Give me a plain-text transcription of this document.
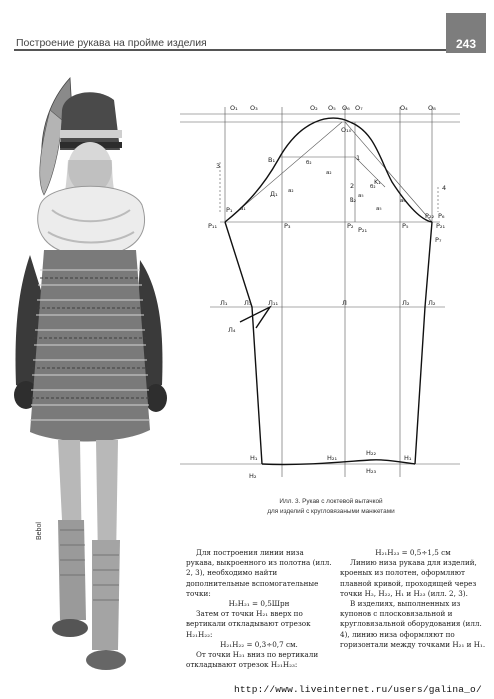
Построение рукава на пройме изделия	243
Bebol
a₁
a₂
a₅
a₆
a₂
a₅
б₂
б₂
O₁ O₃	O₂ O₅ O₆ O₇	O₄	O₈
O₁₀
3
4
1
2
B₁
Д₁
Ⲃ₂
K₁
P₁
P₁₁	P₃	P₂ P₂₁	P₅
P₂₂ P₆
P₂₁
P₇
Л₁	Л₃	Л₁₁
Л₄
Л	Л₂	Л₂
H₁
H₂
H₂₁
H₂₂
H₂₃
H₁
Илл. 3. Рукав с локтевой вытачкой
для изделий с кругловязаными манжетами

Для построения линии низа рукава, выкроенного из полотна (илл. 2, 3), необходимо найти дополнительные вспомогательные точки:

H₂H₂₁ = 0,5Шрн

Затем от точки H₂₁ вверх по вертикали откладывают отрезок H₂₁H₂₂:

H₂₁H₂₂ = 0,3÷0,7 см.

От точки H₂₁ вниз по вертикали откладывают отрезок H₂₁H₂₃:

H₂₁H₂₃ = 0,5÷1,5 см

Линию низа рукава для изделий, кроеных из полотен, оформляют плавной кривой, проходящей через точки H₂, H₂₂, H₁ и H₂₃ (илл. 2, 3).

В изделиях, выполненных из купонов с плосковязальной и кругловязальной оборудования (илл. 4), линию низа оформляют по горизонтали между точками H₂₁ и H₁.

http://www.liveinternet.ru/users/galina_o/
